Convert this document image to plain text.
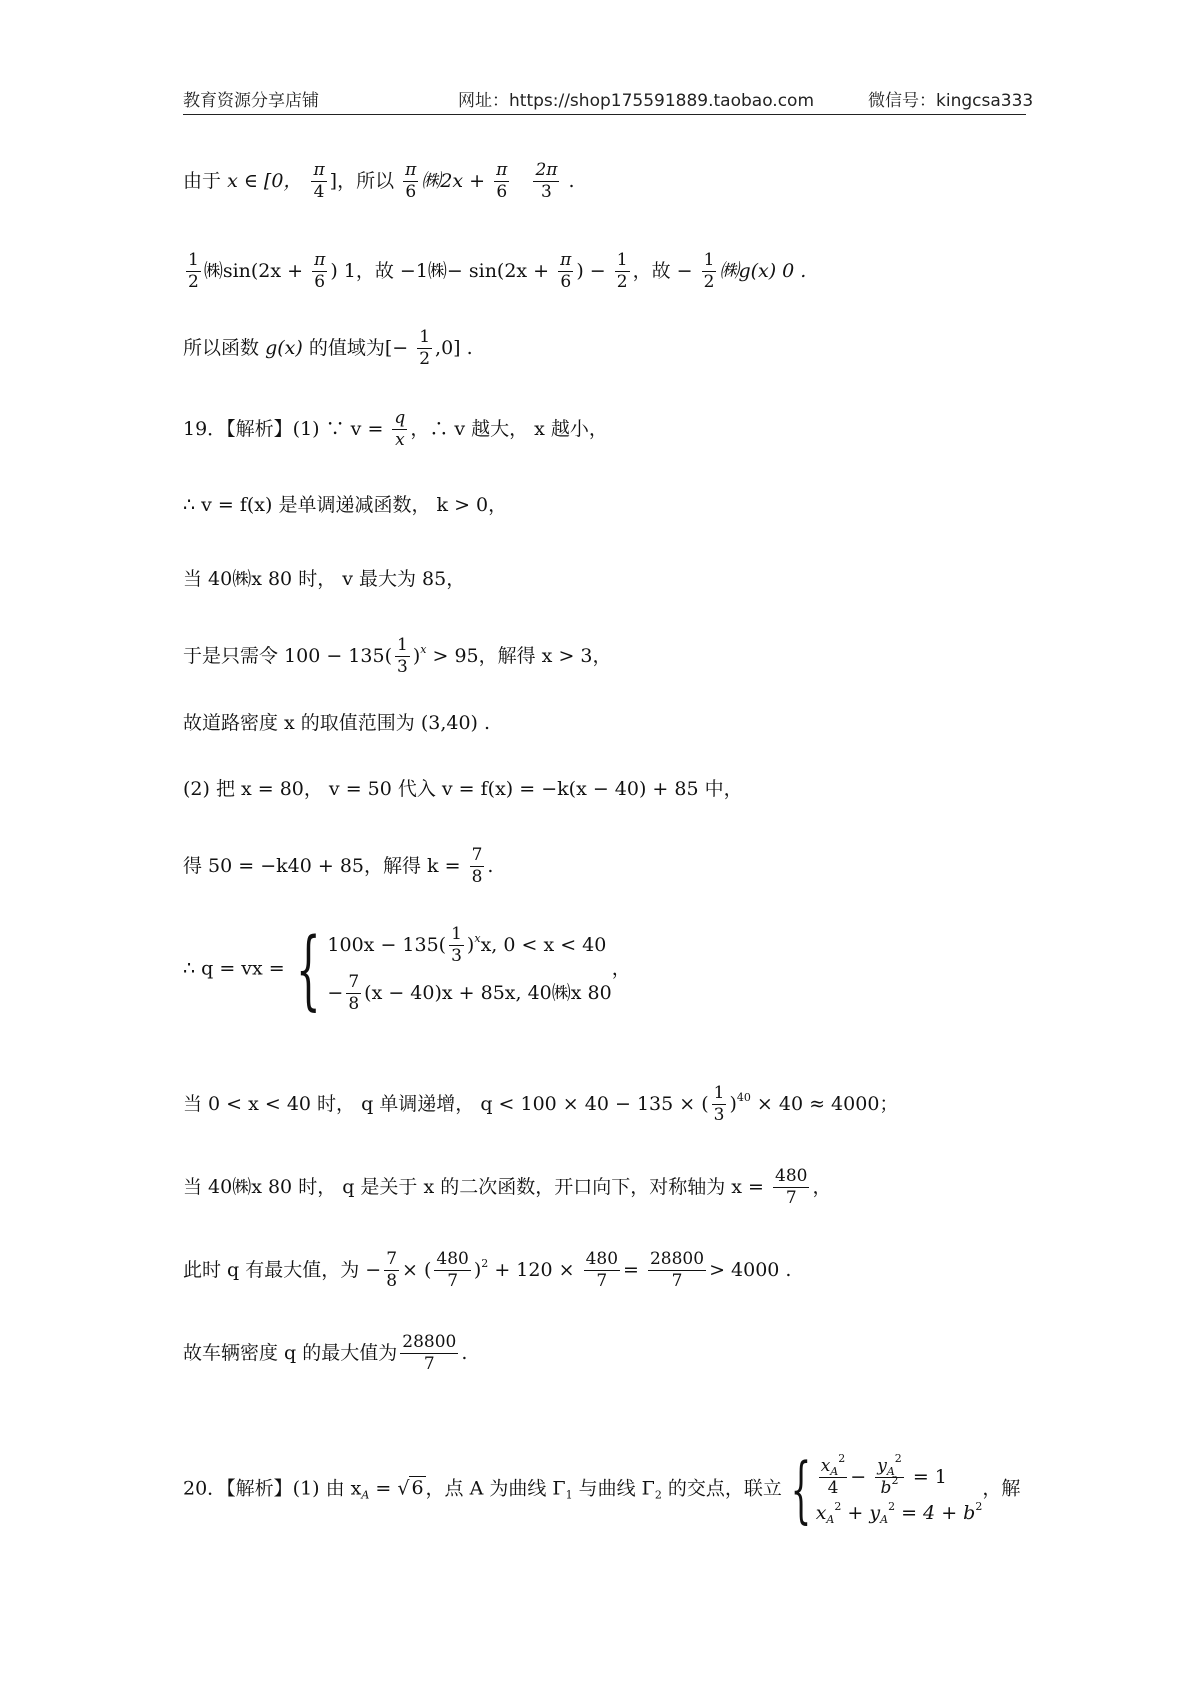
教育资源分享店铺	网址：https://shop175591889.taobao.com	微信号：kingcsa333
由于 x ∈ [0， $\frac{\pi}{4}$ ]，所以 $\frac{\pi}{6}$ ㈱2x + $\frac{\pi}{6}$
$\frac{2\pi}{3}$ .
$\frac{1}{2}$ ㈱sin(2x + $\frac{\pi}{6}$ ) 1，故 −1㈱− $\sin(2x + \frac{\pi}{6}$ ) − $\frac{1}{2}$ ，故 − $\frac{1}{2}$ ㈱g(x) 0 .
所以函数 g(x) 的值域为[− $\frac{1}{2} ,0$] .
19．【解析】(1) ∵ $v = \frac{q}{x}$ ，∴ v 越大， x 越小，
∴ v = f(x) 是单调递减函数， k > 0，
当 40㈱x 80 时， v 最大为 85，
于是只需令 $100 - 135( \frac{1}{3} )^x > 95$，解得 x > 3，
故道路密度 x 的取值范围为 (3,40) .
(2) 把 x = 80， v = 50 代入 v = f(x) = −k(x − 40) + 85 中，
得 50 = −k40 + 85，解得 $k = \frac{7}{8}$ .
∴ q = vx = { $100x - 135( \frac{1}{3} )^xx$, 0 < x < 40
− $\frac{7}{8} (x - 40)x + 85x$, 40㈱x 80
，
当 0 < x < 40 时， q 单调递增， q < 100 × 40 − 135 × ( $\frac{1}{3} )^{40} \times 40 \approx 4000$；
当 40㈱x 80 时， q 是关于 x 的二次函数，开口向下，对称轴为 $x = \frac{480}{7}$ ，
此时 q 有最大值，为 − $\frac{7}{8}$ × ( $\frac{480}{7} )^2 + 120 \times \frac{480}{7} = \frac{28800}{7} > 4000$ .
故车辆密度 q 的最大值为 $\frac{28800}{7}$ .
20．【解析】(1) 由 $x_A$ = √ 6 ，点 A 为曲线 $\Gamma_1$ 与曲线 $\Gamma_2$ 的交点，联立 { $\frac{x_A^2}{4} - \frac{y_A^2}{b^2} = 1$
$x_A^2 + y_A^2 = 4 + b^2$
，解
